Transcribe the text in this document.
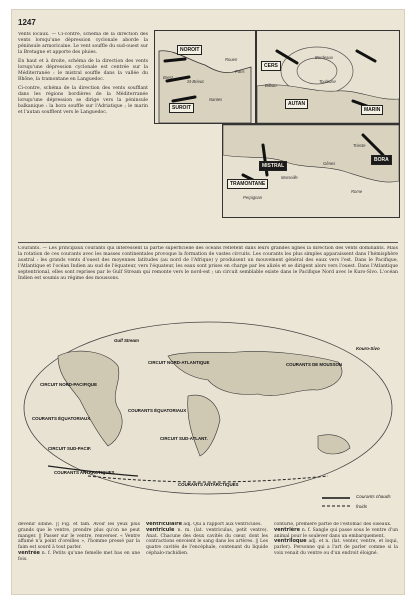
1247

Vents locaux. — Ci-contre, schéma de la direction des vents lorsqu'une dépression cyclonale aborde la péninsule armoricaine. Le vent souffle du sud-ouest sur la Bretagne et apporte des pluies.

En haut et à droite, schéma de la direction des vents lorsqu'une dépression cyclonale est centrée sur la Méditerranée : le mistral souffle dans la vallée du Rhône, la tramontane en Languedoc.

Ci-contre, schéma de la direction des vents soufflant dans les régions bordières de la Méditerranée lorsqu'une dépression se dirige vers la péninsule balkanique : la bora souffle sur l'Adriatique ; le marin et l'autan soufflent vers le Languedoc.

NOROIT
SUROIT
Brest
St-Brieuc
Nantes
Rouen
Paris
CERS
AUTAN
MARIN
Bordeaux
Toulouse
Bilbao
MISTRAL
TRAMONTANE
BORA
Marseille
Perpignan
Gênes
Trieste
Rome
Courants. — Les principaux courants qui intéressent la partie superficielle des océans reflètent dans leurs grandes lignes la direction des vents dominants. Mais la rotation de ces courants avec les masses continentales provoque la formation de vastes circuits. Les courants les plus simples apparaissent dans l'hémisphère austral : les grands vents d'ouest des moyennes latitudes (au nord de l'Afrique) y produisent un mouvement général des eaux vers l'est. Dans le Pacifique, l'Atlantique et l'océan Indien au sud de l'équateur, vers l'équateur, les eaux sont prises en charge par les alizés et se dirigent alors vers l'ouest. Dans l'Atlantique septentrional, elles sont reprises par le Gulf Stream qui remonte vers le nord-est ; un circuit semblable existe dans le Pacifique Nord avec le Kuro-Sivo. L'océan Indien est soumis au régime des moussons.
Gulf Stream
CIRCUIT NORD-ATLANTIQUE
COURANTS ÉQUATORIAUX
CIRCUIT SUD-ATLANT.
CIRCUIT NORD-PACIFIQUE
COURANTS DE MOUSSON
Kouro-Sivo
COURANTS ÉQUATORIAUX
CIRCUIT SUD-PACIF.
COURANTS ANTARCTIQUES
COURANTS ANTARCTIQUES
Courants chauds
froids
devenir sibine. || Fig. et fam. Avoir les yeux plus grands que le ventre, prendre plus qu'on ne peut manger. || Passer sur le ventre, renverser. « Ventre affamé n'a point d'oreilles », l'homme pressé par la faim est sourd à tout parler.
ventrée n. f. Petits qu'une femelle met bas en une fois.
ventriculaire adj. Qui a rapport aux ventricules.
ventricule n. m. (lat. ventriculus, petit ventre). Anat. Chacune des deux cavités du cœur, dont les contractions envoient le sang dans les artères. || Les quatre cavités de l'encéphale, contenant du liquide céphalo-rachidien.
conturié, première partie de l'estomac des oiseaux.
ventrière n. f. Sangle qui passe sous le ventre d'un animal pour le soulever dans un embarquement.
ventriloque adj. et n. (lat. venter, ventre, et loqui, parler). Personne qui a l'art de parler comme si la voix venait du ventre ou d'un endroit éloigné.
